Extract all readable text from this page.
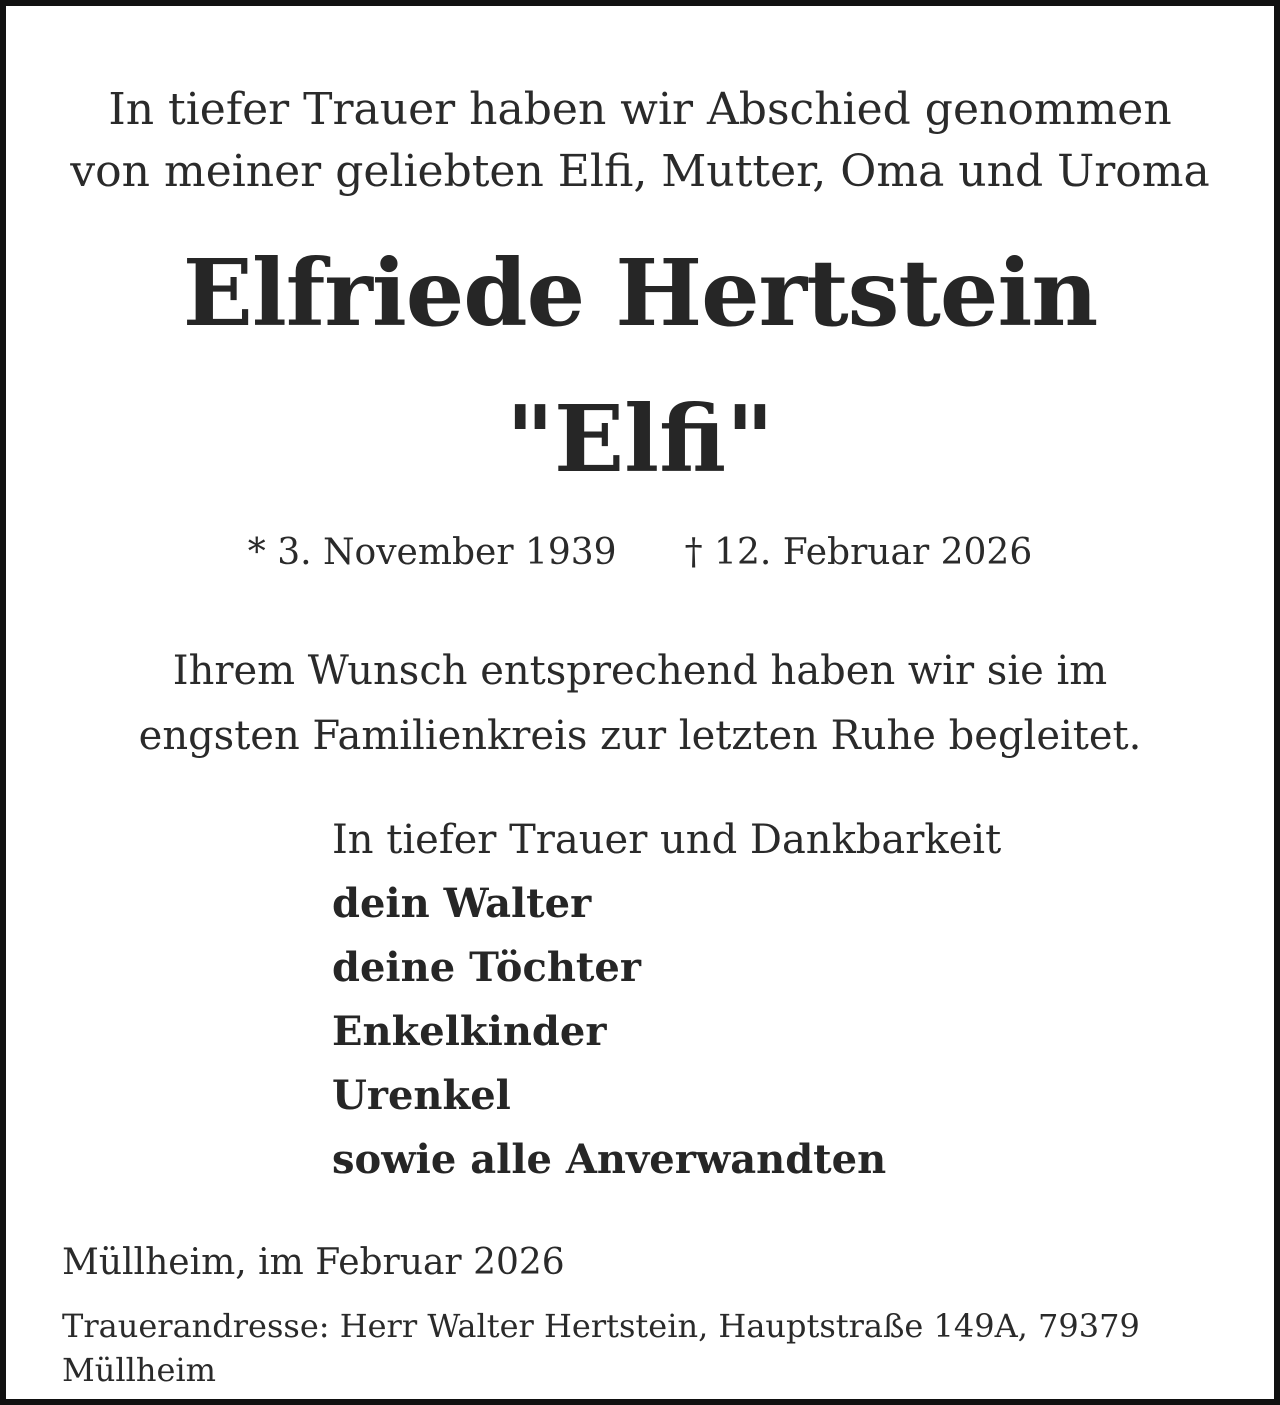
In tiefer Trauer haben wir Abschied genommen
von meiner geliebten Elfi, Mutter, Oma und Uroma
Elfriede Hertstein
"Elfi"
* 3. November 1939 † 12. Februar 2026
Ihrem Wunsch entsprechend haben wir sie im
engsten Familienkreis zur letzten Ruhe begleitet.
In tiefer Trauer und Dankbarkeit
dein Walter
deine Töchter
Enkelkinder
Urenkel
sowie alle Anverwandten
Müllheim, im Februar 2026
Trauerandresse: Herr Walter Hertstein, Hauptstraße 149A, 79379 Müllheim
